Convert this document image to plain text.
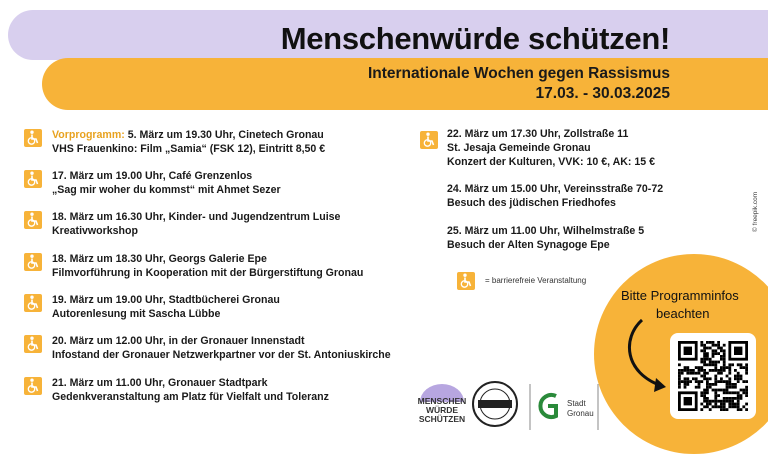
Menschenwürde schützen!
Internationale Wochen gegen Rassismus
17.03. - 30.03.2025
Vorprogramm: 5. März um 19.30 Uhr, Cinetech Gronau
VHS Frauenkino: Film „Samia“ (FSK 12), Eintritt 8,50 €
17. März um 19.00 Uhr, Café Grenzenlos
„Sag mir woher du kommst“ mit Ahmet Sezer
18. März um 16.30 Uhr, Kinder- und Jugendzentrum Luise
Kreativworkshop
18. März um 18.30 Uhr, Georgs Galerie Epe
Filmvorführung in Kooperation mit der Bürgerstiftung Gronau
19. März um 19.00 Uhr, Stadtbücherei Gronau
Autorenlesung mit Sascha Lübbe
20. März um 12.00 Uhr, in der Gronauer Innenstadt
Infostand der Gronauer Netzwerkpartner vor der St. Antoniuskirche
21. März um 11.00 Uhr, Gronauer Stadtpark
Gedenkveranstaltung am Platz für Vielfalt und Toleranz
22. März um 17.30 Uhr, Zollstraße 11
St. Jesaja Gemeinde Gronau
Konzert der Kulturen, VVK: 10 €, AK: 15 €
24. März um 15.00 Uhr, Vereinsstraße 70-72
Besuch des jüdischen Friedhofes
25. März um 11.00 Uhr, Wilhelmstraße 5
Besuch der Alten Synagoge Epe
= barrierefreie Veranstaltung
© freepik.com
Bitte Programminfos
beachten
MENSCHEN WÜRDE SCHÜTZEN
Stadt
Gronau
